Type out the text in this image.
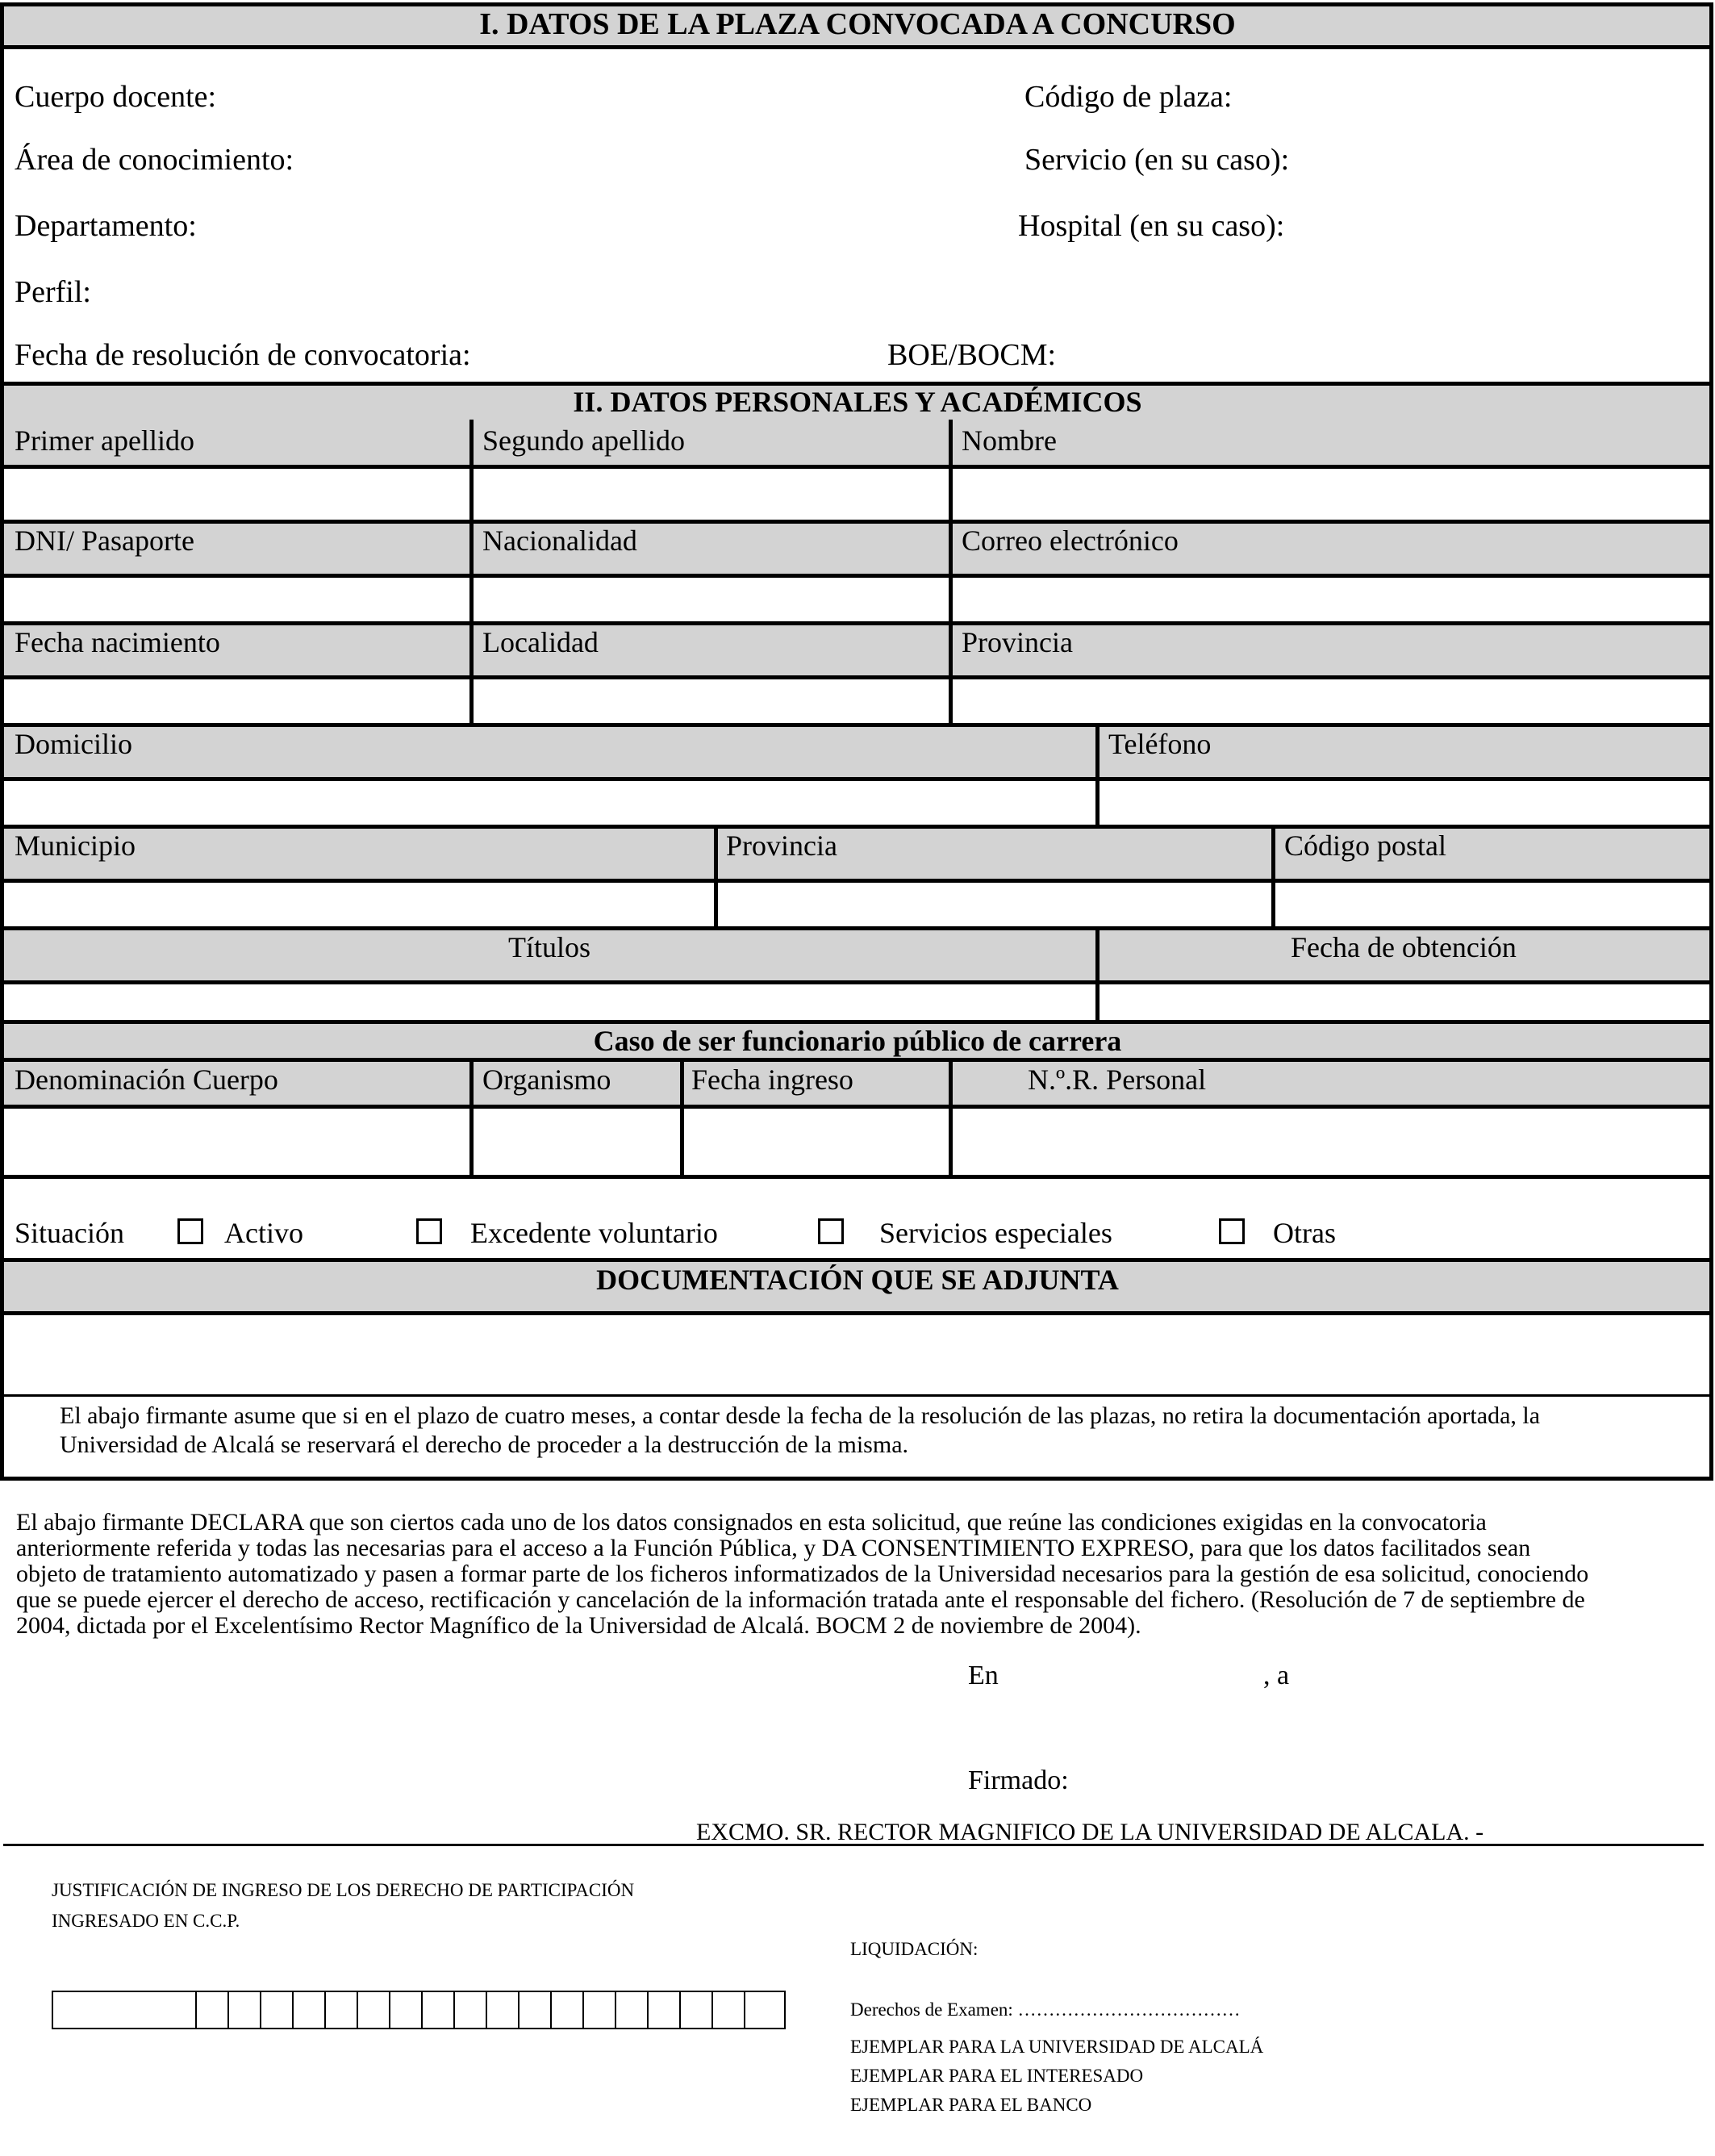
I. DATOS DE LA PLAZA CONVOCADA A CONCURSO
Cuerpo docente:	Código de plaza:
Área de conocimiento:	Servicio (en su caso):
Departamento:	Hospital (en su caso):
Perfil:
Fecha de resolución de convocatoria:	BOE/BOCM:
II. DATOS PERSONALES Y ACADÉMICOS
Primer apellido	Segundo apellido	Nombre
DNI/ Pasaporte	Nacionalidad	Correo electrónico
Fecha nacimiento	Localidad	Provincia
Domicilio	Teléfono
Municipio	Provincia	Código postal
Títulos	Fecha de obtención
Caso de ser funcionario público de carrera
Denominación Cuerpo	Organismo	Fecha ingreso	N.º.R. Personal
Situación	Activo	Excedente voluntario	Servicios especiales	Otras
DOCUMENTACIÓN QUE SE ADJUNTA
El abajo firmante asume que si en el plazo de cuatro meses, a contar desde la fecha de la resolución de las plazas, no retira la documentación aportada, la
Universidad de Alcalá se reservará el derecho de proceder a la destrucción de la misma.
El abajo firmante DECLARA que son ciertos cada uno de los datos consignados en esta solicitud, que reúne las condiciones exigidas en la convocatoria
anteriormente referida y todas las necesarias para el acceso a la Función Pública, y DA CONSENTIMIENTO EXPRESO, para que los datos facilitados sean
objeto de tratamiento automatizado y pasen a formar parte de los ficheros informatizados de la Universidad necesarios para la gestión de esa solicitud, conociendo
que se puede ejercer el derecho de acceso, rectificación y cancelación de la información tratada ante el responsable del fichero. (Resolución de 7 de septiembre de
2004, dictada por el Excelentísimo Rector Magnífico de la Universidad de Alcalá. BOCM 2 de noviembre de 2004).
En	, a
Firmado:
EXCMO. SR. RECTOR MAGNIFICO DE LA UNIVERSIDAD DE ALCALA. -
JUSTIFICACIÓN DE INGRESO DE LOS DERECHO DE PARTICIPACIÓN
INGRESADO EN C.C.P.
LIQUIDACIÓN:
Derechos de Examen: ………………………………
EJEMPLAR PARA LA UNIVERSIDAD DE ALCALÁ
EJEMPLAR PARA EL INTERESADO
EJEMPLAR PARA EL BANCO
